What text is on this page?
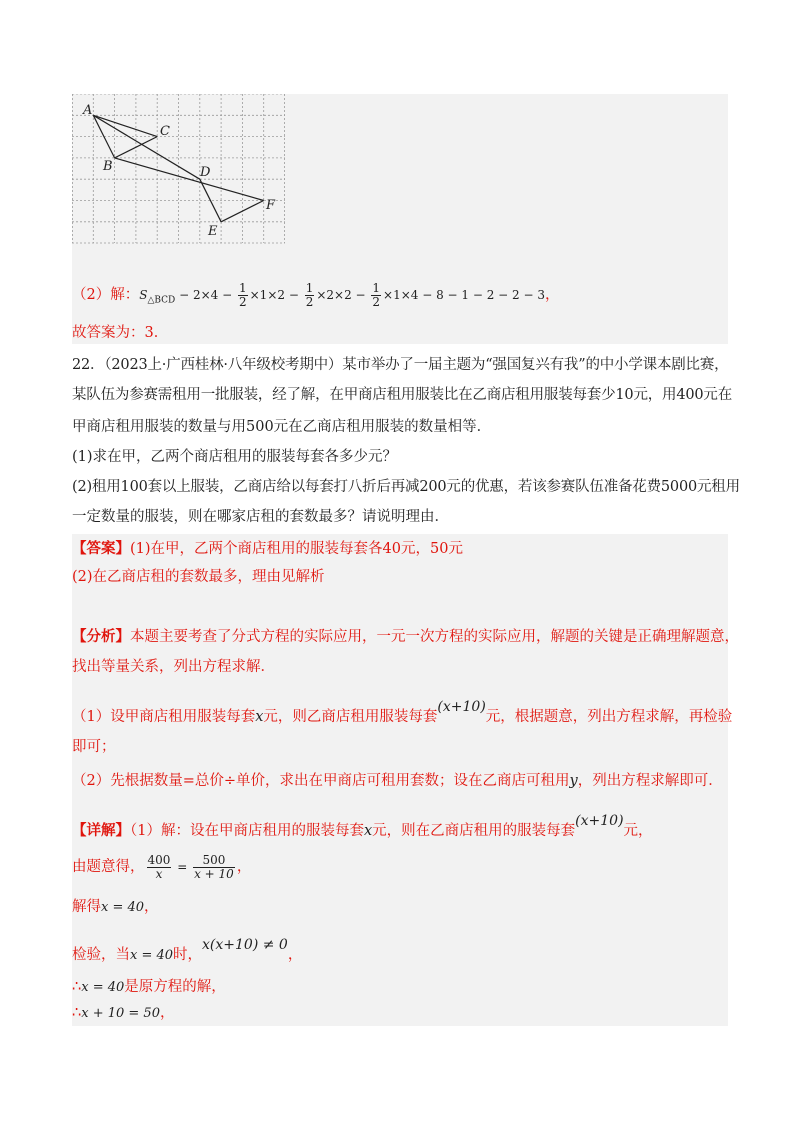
A
C
B	D
F
E
（2）解：$S_{\triangle BCD} - 2\times 4 - \frac{1}{2} \times 1\times 2 - \frac{1}{2} \times 2\times 2 - \frac{1}{2} \times 1\times 4 - 8 - 1 - 2 - 2 - 3$，
故答案为：3．
22．（2023上·广西桂林·八年级校考期中）某市举办了一届主题为“强国复兴有我”的中小学课本剧比赛，
某队伍为参赛需租用一批服装，经了解，在甲商店租用服装比在乙商店租用服装每套少10元，用400元在
甲商店租用服装的数量与用500元在乙商店租用服装的数量相等．
(1)求在甲，乙两个商店租用的服装每套各多少元？
(2)租用100套以上服装，乙商店给以每套打八折后再减200元的优惠，若该参赛队伍准备花费5000元租用
一定数量的服装，则在哪家店租的套数最多？请说明理由．
【答案】(1)在甲，乙两个商店租用的服装每套各40元，50元
(2)在乙商店租的套数最多，理由见解析
【分析】本题主要考查了分式方程的实际应用，一元一次方程的实际应用，解题的关键是正确理解题意，
找出等量关系，列出方程求解．
（1）设甲商店租用服装每套x元，则乙商店租用服装每套(x+10)元，根据题意，列出方程求解，再检验
即可；
（2）先根据数量=总价÷单价，求出在甲商店可租用套数；设在乙商店可租用y，列出方程求解即可．
【详解】（1）解：设在甲商店租用的服装每套x元，则在乙商店租用的服装每套(x+10)元，
由题意得， $\frac{400}{x} = \frac{500}{x + 10}$ ，
解得x = 40，
检验，当x = 40时，x(x+10) ≠ 0，
∴x = 40是原方程的解，
∴x + 10 = 50，
